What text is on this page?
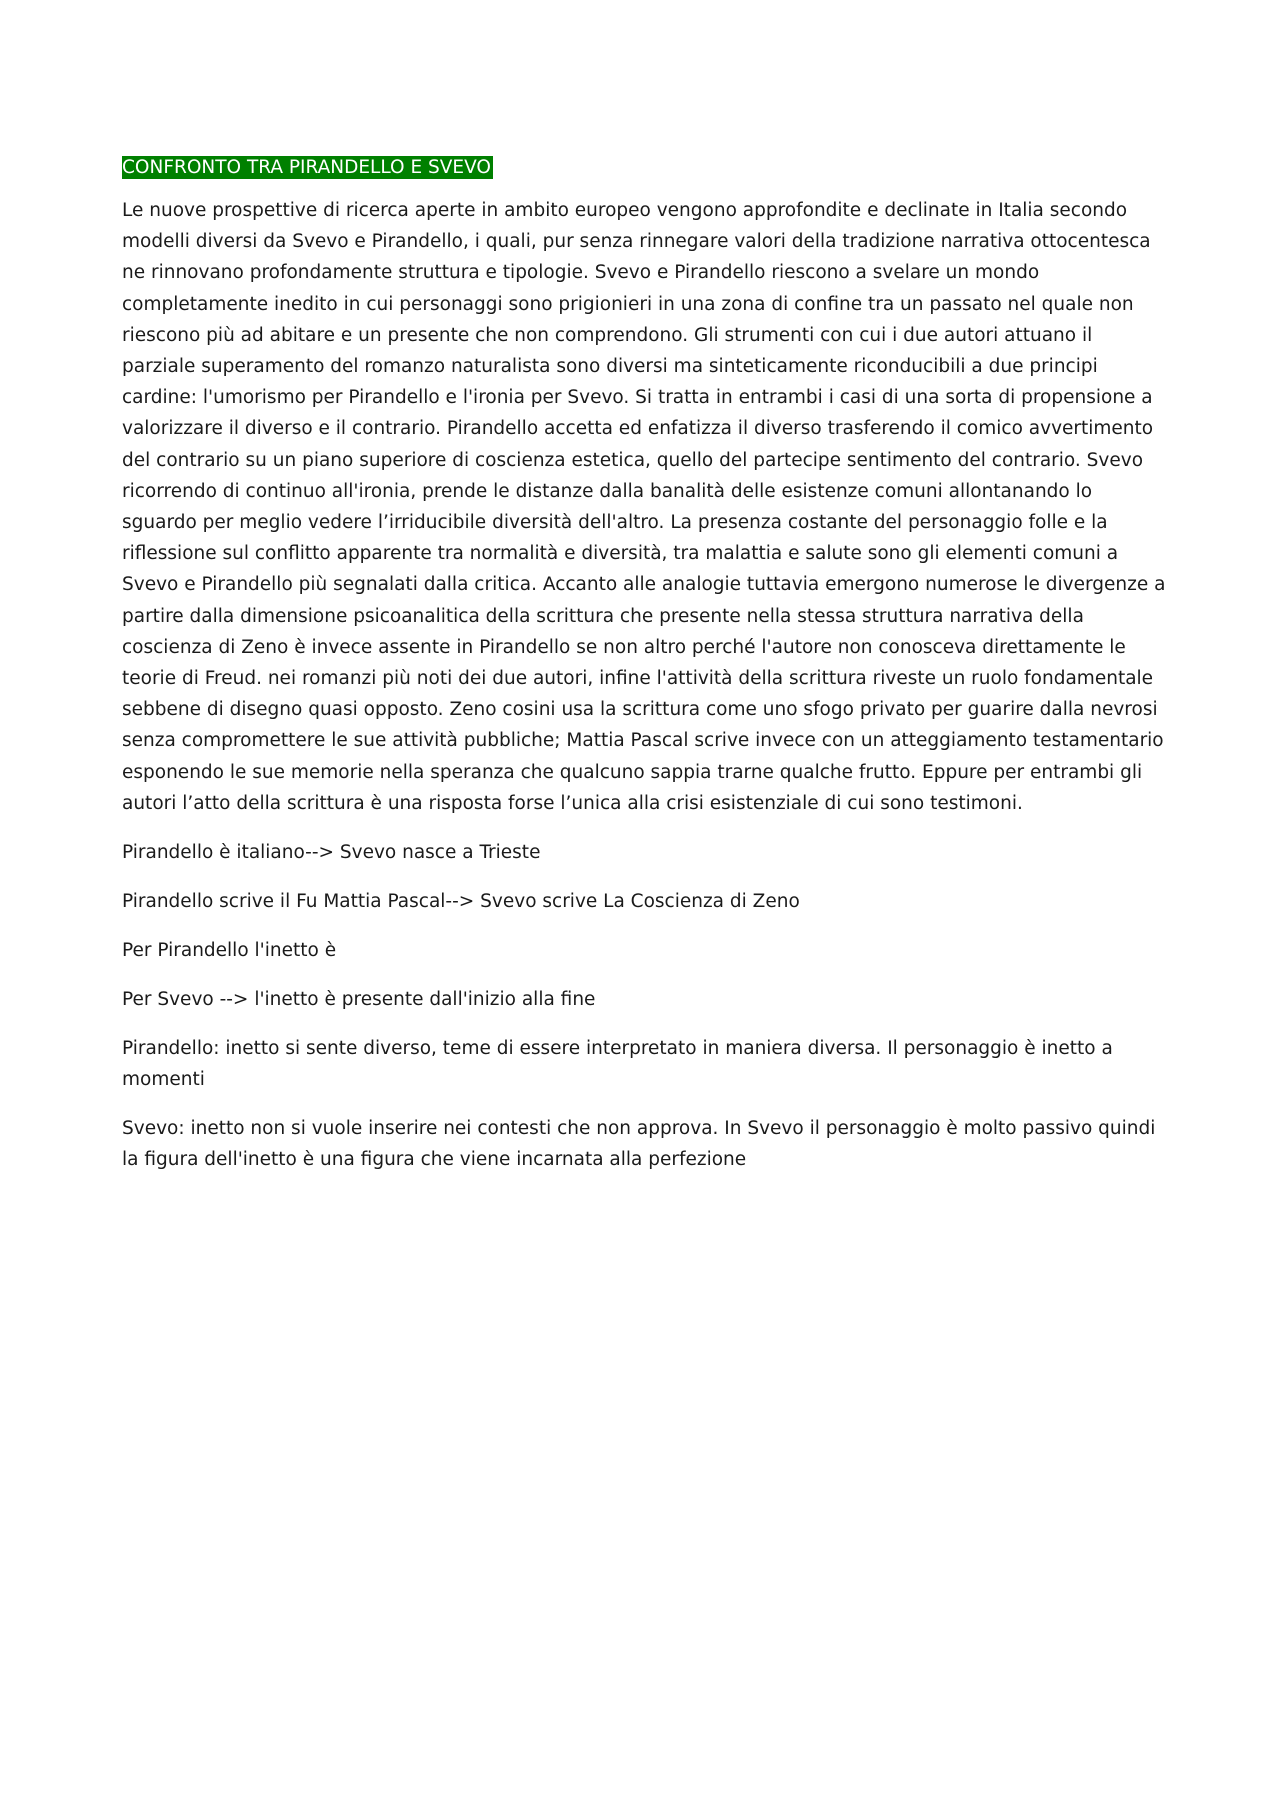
CONFRONTO TRA PIRANDELLO E SVEVO

Le nuove prospettive di ricerca aperte in ambito europeo vengono approfondite e declinate in Italia secondo modelli diversi da Svevo e Pirandello, i quali, pur senza rinnegare valori della tradizione narrativa ottocentesca ne rinnovano profondamente struttura e tipologie. Svevo e Pirandello riescono a svelare un mondo completamente inedito in cui personaggi sono prigionieri in una zona di confine tra un passato nel quale non riescono più ad abitare e un presente che non comprendono. Gli strumenti con cui i due autori attuano il parziale superamento del romanzo naturalista sono diversi ma sinteticamente riconducibili a due principi cardine: l'umorismo per Pirandello e l'ironia per Svevo. Si tratta in entrambi i casi di una sorta di propensione a valorizzare il diverso e il contrario. Pirandello accetta ed enfatizza il diverso trasferendo il comico avvertimento del contrario su un piano superiore di coscienza estetica, quello del partecipe sentimento del contrario. Svevo ricorrendo di continuo all'ironia, prende le distanze dalla banalità delle esistenze comuni allontanando lo sguardo per meglio vedere l’irriducibile diversità dell'altro. La presenza costante del personaggio folle e la riflessione sul conflitto apparente tra normalità e diversità, tra malattia e salute sono gli elementi comuni a Svevo e Pirandello più segnalati dalla critica. Accanto alle analogie tuttavia emergono numerose le divergenze a partire dalla dimensione psicoanalitica della scrittura che presente nella stessa struttura narrativa della coscienza di Zeno è invece assente in Pirandello se non altro perché l'autore non conosceva direttamente le teorie di Freud. nei romanzi più noti dei due autori, infine l'attività della scrittura riveste un ruolo fondamentale sebbene di disegno quasi opposto. Zeno cosini usa la scrittura come uno sfogo privato per guarire dalla nevrosi senza compromettere le sue attività pubbliche; Mattia Pascal scrive invece con un atteggiamento testamentario esponendo le sue memorie nella speranza che qualcuno sappia trarne qualche frutto. Eppure per entrambi gli autori l’atto della scrittura è una risposta forse l’unica alla crisi esistenziale di cui sono testimoni.

Pirandello è italiano--> Svevo nasce a Trieste

Pirandello scrive il Fu Mattia Pascal--> Svevo scrive La Coscienza di Zeno

Per Pirandello l'inetto è

Per Svevo --> l'inetto è presente dall'inizio alla fine

Pirandello: inetto si sente diverso, teme di essere interpretato in maniera diversa. Il personaggio è inetto a momenti

Svevo: inetto non si vuole inserire nei contesti che non approva. In Svevo il personaggio è molto passivo quindi la figura dell'inetto è una figura che viene incarnata alla perfezione
